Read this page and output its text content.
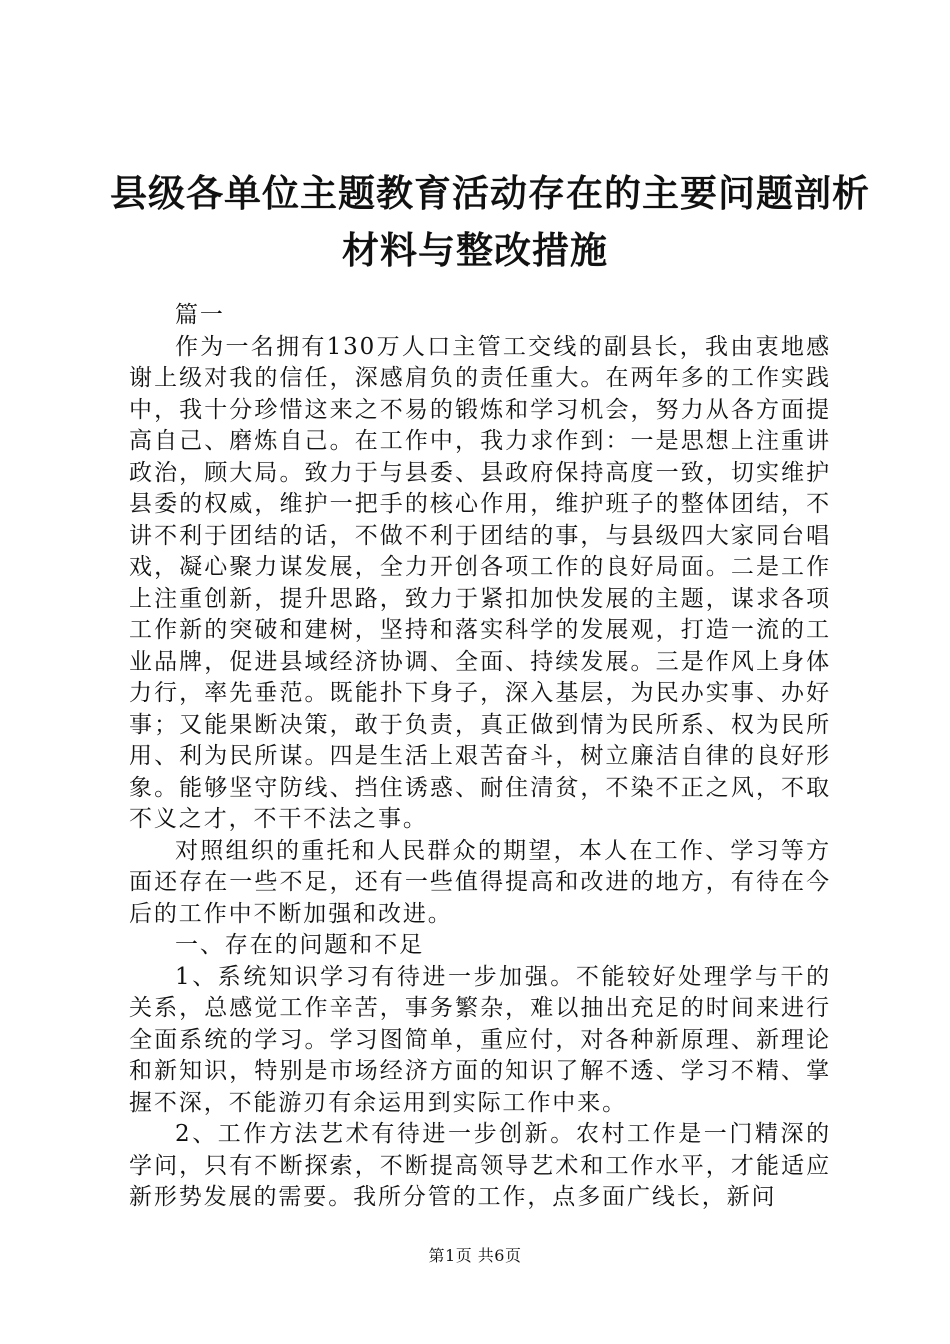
县级各单位主题教育活动存在的主要问题剖析
材料与整改措施

篇一

作为一名拥有130万人口主管工交线的副县长，我由衷地感谢上级对我的信任，深感肩负的责任重大。在两年多的工作实践中，我十分珍惜这来之不易的锻炼和学习机会，努力从各方面提高自己、磨炼自己。在工作中，我力求作到：一是思想上注重讲政治，顾大局。致力于与县委、县政府保持高度一致，切实维护县委的权威，维护一把手的核心作用，维护班子的整体团结，不讲不利于团结的话，不做不利于团结的事，与县级四大家同台唱戏，凝心聚力谋发展，全力开创各项工作的良好局面。二是工作上注重创新，提升思路，致力于紧扣加快发展的主题，谋求各项工作新的突破和建树，坚持和落实科学的发展观，打造一流的工业品牌，促进县域经济协调、全面、持续发展。三是作风上身体力行，率先垂范。既能扑下身子，深入基层，为民办实事、办好事；又能果断决策，敢于负责，真正做到情为民所系、权为民所用、利为民所谋。四是生活上艰苦奋斗，树立廉洁自律的良好形象。能够坚守防线、挡住诱惑、耐住清贫，不染不正之风，不取不义之才，不干不法之事。

对照组织的重托和人民群众的期望，本人在工作、学习等方面还存在一些不足，还有一些值得提高和改进的地方，有待在今后的工作中不断加强和改进。

一、存在的问题和不足

1、系统知识学习有待进一步加强。不能较好处理学与干的关系，总感觉工作辛苦，事务繁杂，难以抽出充足的时间来进行全面系统的学习。学习图简单，重应付，对各种新原理、新理论和新知识，特别是市场经济方面的知识了解不透、学习不精、掌握不深，不能游刃有余运用到实际工作中来。

2、工作方法艺术有待进一步创新。农村工作是一门精深的学问，只有不断探索，不断提高领导艺术和工作水平，才能适应新形势发展的需要。我所分管的工作，点多面广线长，新问

第1页 共6页
